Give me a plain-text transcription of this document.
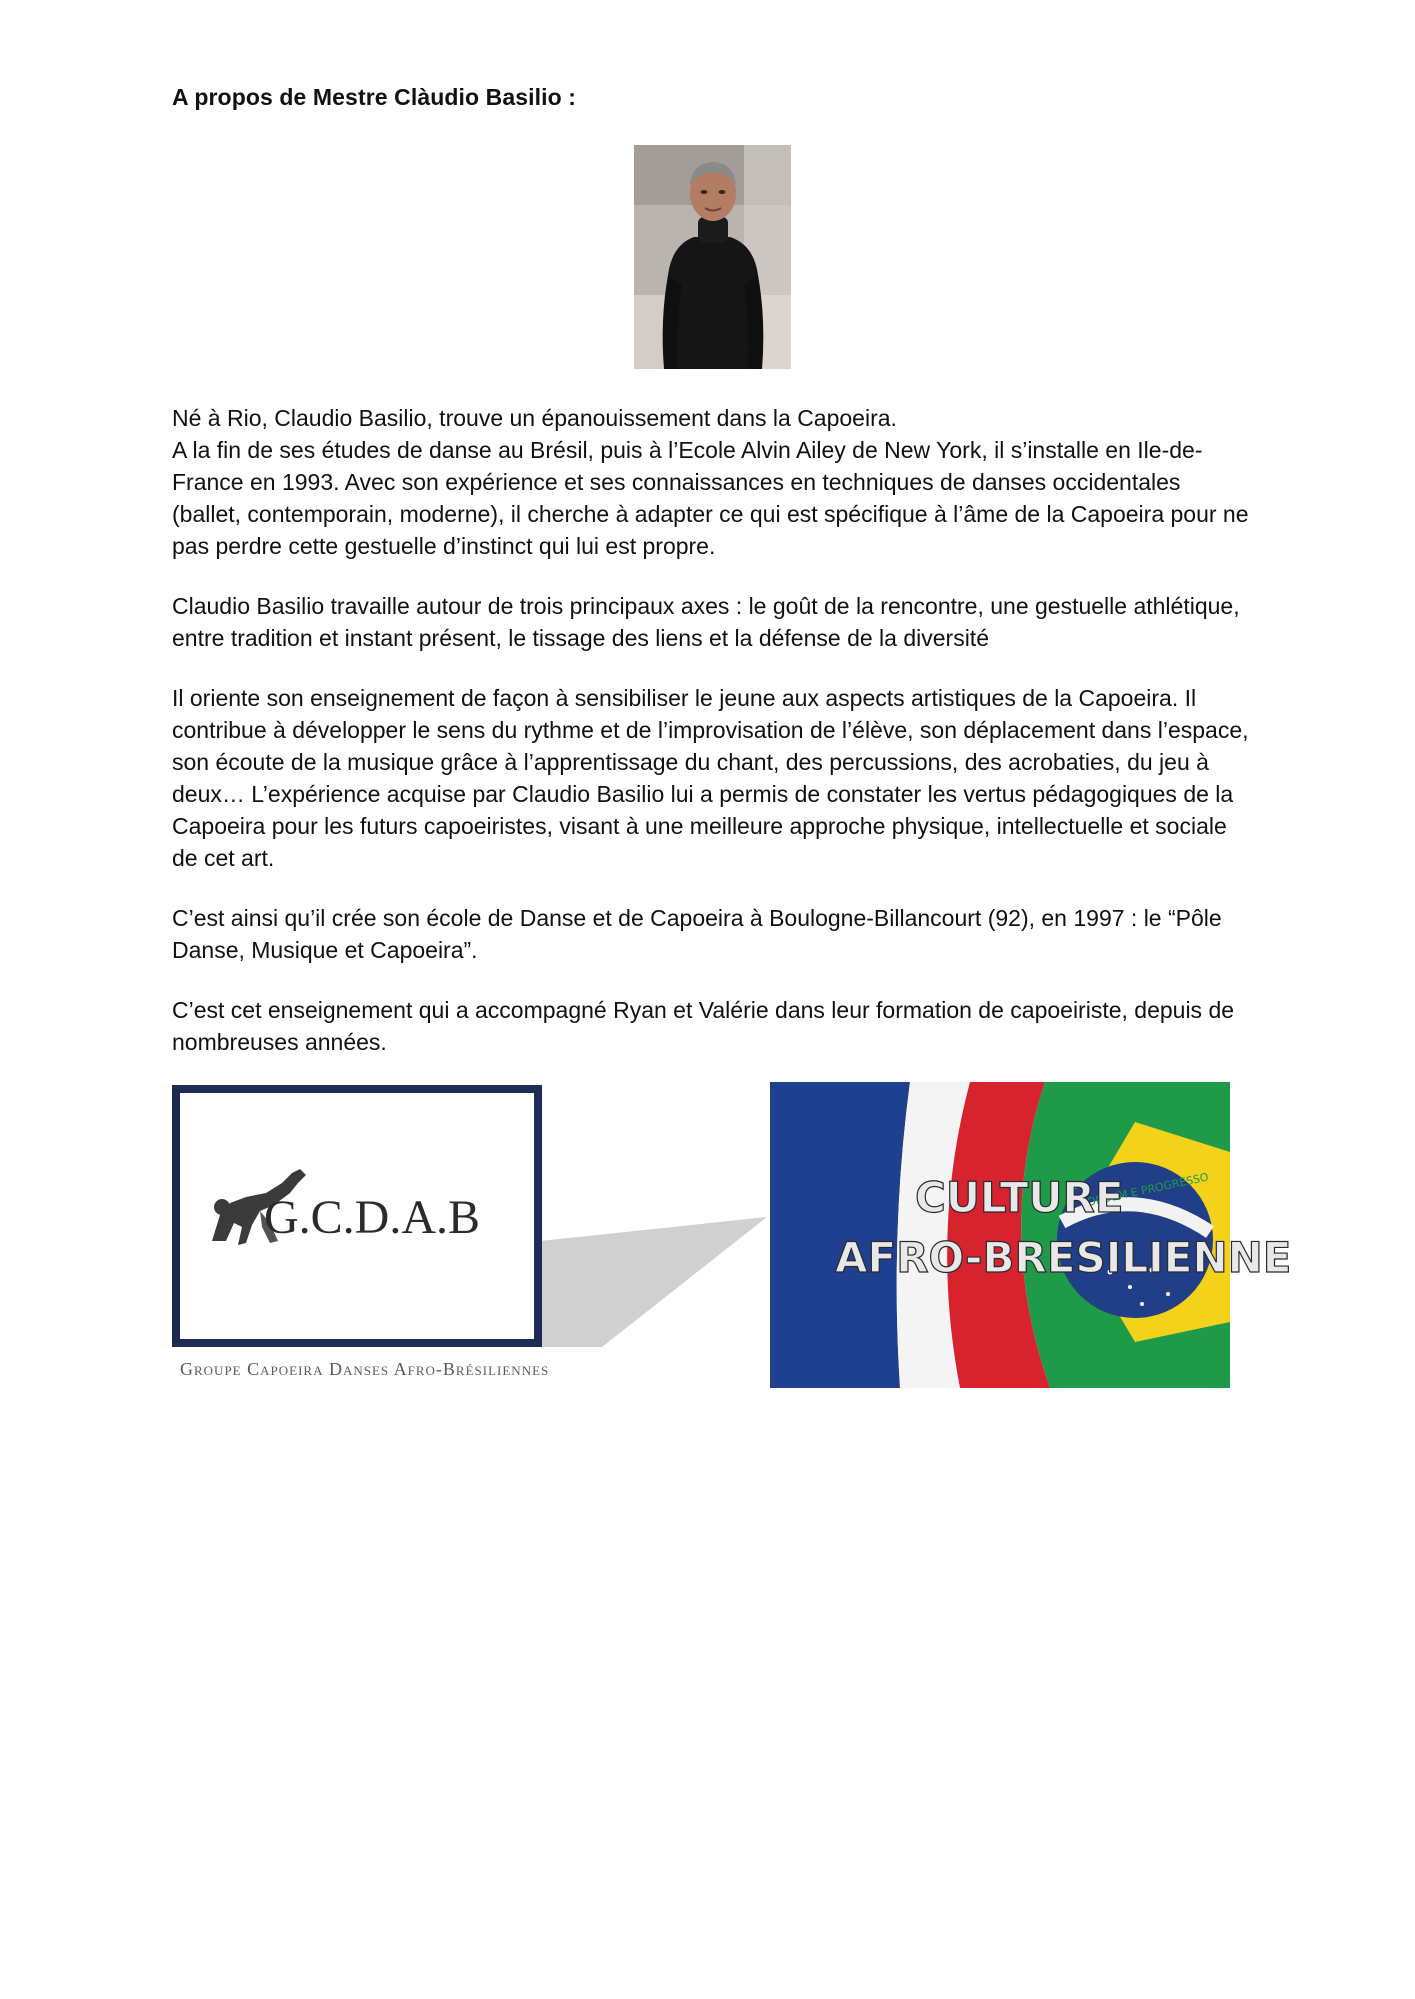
A propos de Mestre Clàudio Basilio :

Né à Rio, Claudio Basilio, trouve un épanouissement dans la Capoeira.
A la fin de ses études de danse au Brésil, puis à l’Ecole Alvin Ailey de New York, il s’installe en Ile-de-France en 1993. Avec son expérience et ses connaissances en techniques de danses occidentales (ballet, contemporain, moderne), il cherche à adapter ce qui est spécifique à l’âme de la Capoeira pour ne pas perdre cette gestuelle d’instinct qui lui est propre.

Claudio Basilio travaille autour de trois principaux axes : le goût de la rencontre, une gestuelle athlétique, entre tradition et instant présent, le tissage des liens et la défense de la diversité

Il oriente son enseignement de façon à sensibiliser le jeune aux aspects artistiques de la Capoeira. Il contribue à développer le sens du rythme et de l’improvisation de l’élève, son déplacement dans l’espace, son écoute de la musique grâce à l’apprentissage du chant, des percussions, des acrobaties, du jeu à deux… L’expérience acquise par Claudio Basilio lui a permis de constater les vertus pédagogiques de la Capoeira pour les futurs capoeiristes, visant à une meilleure approche physique, intellectuelle et sociale de cet art.

C’est ainsi qu’il crée son école de Danse et de Capoeira à Boulogne-Billancourt (92), en 1997 : le “Pôle Danse, Musique et Capoeira”.

C’est cet enseignement qui a accompagné Ryan et Valérie dans leur formation de capoeiriste, depuis de nombreuses années.

G.C.D.A.B
Groupe Capoeira Danses Afro-Brésiliennes
ORDEM E PROGRESSO
CULTURE
AFRO-BRESILIENNE
